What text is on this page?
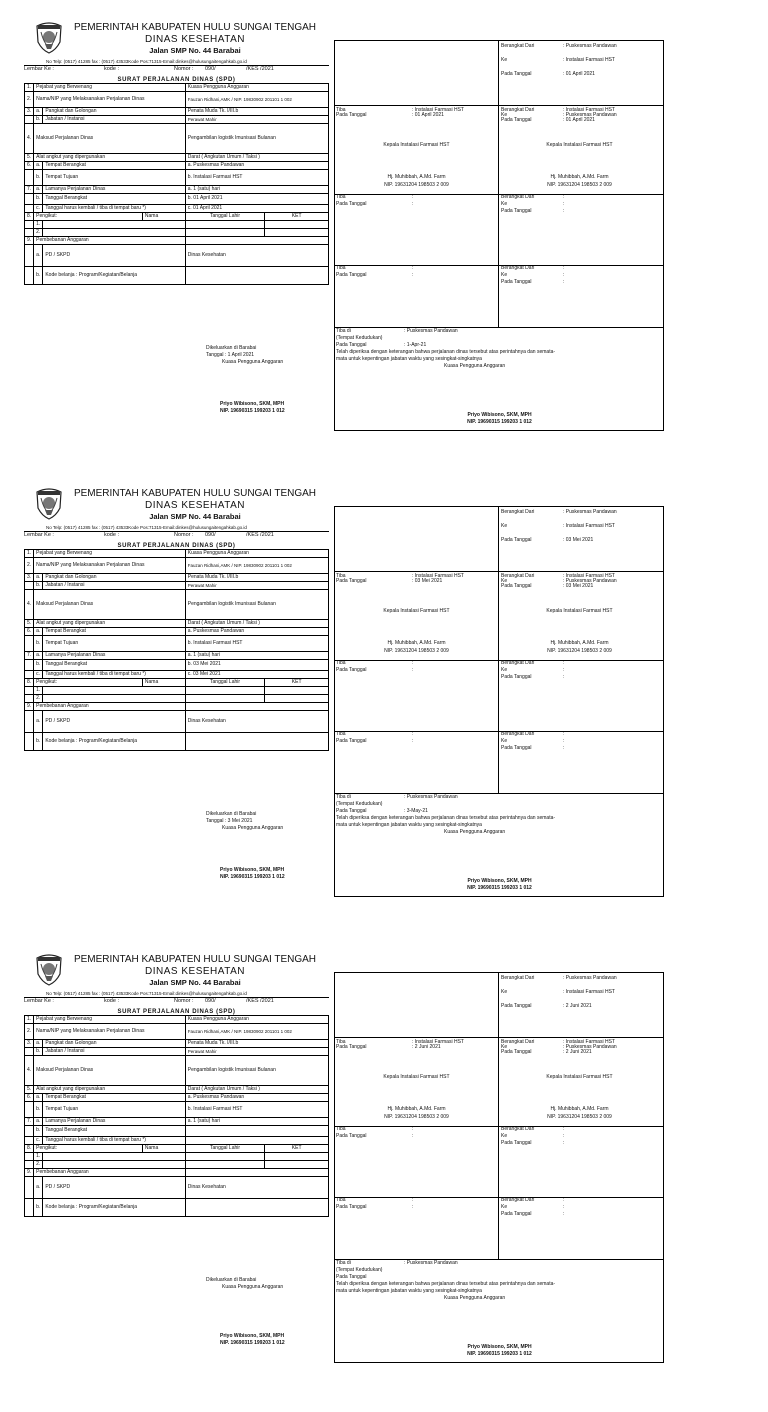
PEMERINTAH KABUPATEN HULU SUNGAI TENGAH
DINAS KESEHATAN
Jalan SMP No. 44 Barabai
No Telp: (0517) 41285 fax : (0517) 43533Kode Pos:71315-Email:dinkes@hulusungaitengahkab.go.id
Lembar Ke :	kode :	Nomor : 090/	/KES /2021
SURAT PERJALANAN DINAS (SPD)
1.	Pejabat yang Berwenang			Kuasa Pengguna Anggaran	
2.	Nama/NIP yang Melaksanakan Perjalanan Dinas			Fauzan Ridhani,AMK / NIP. 19830902 201101 1 002	
3.	a.	Pangkat dan Golongan		Penata Muda Tk. I/III.b	
	b.	Jabatan / Instansi		Perawat Mahir	
4.	Maksud Perjalanan Dinas			Pengambilan logistik Imunisasi Bulanan	
5.	Alat angkut yang dipergunakan			Darat ( Angkutan Umum / Taksi )	
6.	a.	Tempat Berangkat		a. Puskesmas Pandawan	
	b.	Tempat Tujuan		b. Instalasi Farmasi HST	
7.	a.	Lamanya Perjalanan Dinas		a. 1 (satu) hari	
	b.	Tanggal Berangkat		b. 01 April 2021	
	c.	Tanggal harus kembali / tiba di tempat baru *)		c. 01 April 2021	
8.	Pengikut:		Nama	Tanggal Lahir	KET
	1.				
	2.				
9.	Pembebanan Anggaran				
	a.	PD / SKPD		Dinas Kesehatan	
	b.	Kode belanja : Program/Kegiatan/Belanja			
Dikeluarkan di Barabai
Tanggal : 1 April 2021
Kuasa Pengguna Anggaran
Priyo Wibisono, SKM, MPH
NIP. 19690315 199203 1 012
Berangkat Dari	: Puskesmas Pandawan
Ke	: Instalasi Farmasi HST
Pada Tanggal	: 01 April 2021
Tiba	: Instalasi Farmasi HST
Pada Tanggal	: 01 April 2021
Berangkat Dari	: Instalasi Farmasi HST
Ke	: Puskesmas Pandawan
Pada Tanggal	: 01 April 2021
Kepala Instalasi Farmasi HST	Kepala Instalasi Farmasi HST
Hj. Muhibbah, A.Md. Farm
NIP. 19631204 198503 2 009
Hj. Muhibbah, A.Md. Farm
NIP. 19631204 198503 2 009
Tiba	:
Pada Tanggal	:
Berangkat Dari	:
Ke	:
Pada Tanggal	:
Tiba	:
Pada Tanggal	:
Berangkat Dari	:
Ke	:
Pada Tanggal	:
Tiba di	: Puskesmas Pandawan
(Tempat Kedudukan)
Pada Tanggal	: 1-Apr-21
Telah diperiksa dengan keterangan bahwa perjalanan dinas tersebut atas perintahnya dan semata-
mata untuk kepentingan jabatan waktu yang sesingkat-singkatnya
Kuasa Pengguna Anggaran
Priyo Wibisono, SKM, MPH
NIP. 19690315 199203 1 012
PEMERINTAH KABUPATEN HULU SUNGAI TENGAH
DINAS KESEHATAN
Jalan SMP No. 44 Barabai
No Telp: (0517) 41285 fax : (0517) 43533Kode Pos:71315-Email:dinkes@hulusungaitengahkab.go.id
Lembar Ke :	kode :	Nomor : 090/	/KES /2021
SURAT PERJALANAN DINAS (SPD)
1.	Pejabat yang Berwenang			Kuasa Pengguna Anggaran	
2.	Nama/NIP yang Melaksanakan Perjalanan Dinas			Fauzan Ridhani,AMK / NIP. 19830902 201101 1 002	
3.	a.	Pangkat dan Golongan		Penata Muda Tk. I/III.b	
	b.	Jabatan / Instansi		Perawat Mahir	
4.	Maksud Perjalanan Dinas			Pengambilan logistik Imunisasi Bulanan	
5.	Alat angkut yang dipergunakan			Darat ( Angkutan Umum / Taksi )	
6.	a.	Tempat Berangkat		a. Puskesmas Pandawan	
	b.	Tempat Tujuan		b. Instalasi Farmasi HST	
7.	a.	Lamanya Perjalanan Dinas		a. 1 (satu) hari	
	b.	Tanggal Berangkat		b. 03 Mei 2021	
	c.	Tanggal harus kembali / tiba di tempat baru *)		c. 03 Mei 2021	
8.	Pengikut:		Nama	Tanggal Lahir	KET
	1.				
	2.				
9.	Pembebanan Anggaran				
	a.	PD / SKPD		Dinas Kesehatan	
	b.	Kode belanja : Program/Kegiatan/Belanja			
Dikeluarkan di Barabai
Tanggal : 3 Mei 2021
Kuasa Pengguna Anggaran
Priyo Wibisono, SKM, MPH
NIP. 19690315 199203 1 012
Berangkat Dari	: Puskesmas Pandawan
Ke	: Instalasi Farmasi HST
Pada Tanggal	: 03 Mei 2021
Tiba	: Instalasi Farmasi HST
Pada Tanggal	: 03 Mei 2021
Berangkat Dari	: Instalasi Farmasi HST
Ke	: Puskesmas Pandawan
Pada Tanggal	: 03 Mei 2021
Kepala Instalasi Farmasi HST	Kepala Instalasi Farmasi HST
Hj. Muhibbah, A.Md. Farm
NIP. 19631204 198503 2 009
Hj. Muhibbah, A.Md. Farm
NIP. 19631204 198503 2 009
Tiba	:
Pada Tanggal	:
Berangkat Dari	:
Ke	:
Pada Tanggal	:
Tiba	:
Pada Tanggal	:
Berangkat Dari	:
Ke	:
Pada Tanggal	:
Tiba di	: Puskesmas Pandawan
(Tempat Kedudukan)
Pada Tanggal	: 3-May-21
Telah diperiksa dengan keterangan bahwa perjalanan dinas tersebut atas perintahnya dan semata-
mata untuk kepentingan jabatan waktu yang sesingkat-singkatnya
Kuasa Pengguna Anggaran
Priyo Wibisono, SKM, MPH
NIP. 19690315 199203 1 012
PEMERINTAH KABUPATEN HULU SUNGAI TENGAH
DINAS KESEHATAN
Jalan SMP No. 44 Barabai
No Telp: (0517) 41285 fax : (0517) 43533Kode Pos:71315-Email:dinkes@hulusungaitengahkab.go.id
Lembar Ke :	kode :	Nomor : 090/	/KES /2021
SURAT PERJALANAN DINAS (SPD)
1.	Pejabat yang Berwenang			Kuasa Pengguna Anggaran	
2.	Nama/NIP yang Melaksanakan Perjalanan Dinas			Fauzan Ridhani,AMK / NIP. 19830902 201101 1 002	
3.	a.	Pangkat dan Golongan		Penata Muda Tk. I/III.b	
	b.	Jabatan / Instansi		Perawat Mahir	
4.	Maksud Perjalanan Dinas			Pengambilan logistik Imunisasi Bulanan	
5.	Alat angkut yang dipergunakan			Darat ( Angkutan Umum / Taksi )	
6.	a.	Tempat Berangkat		a. Puskesmas Pandawan	
	b.	Tempat Tujuan		b. Instalasi Farmasi HST	
7.	a.	Lamanya Perjalanan Dinas		a. 1 (satu) hari	
	b.	Tanggal Berangkat			
	c.	Tanggal harus kembali / tiba di tempat baru *)			
8.	Pengikut:		Nama	Tanggal Lahir	KET
	1.				
	2.				
9.	Pembebanan Anggaran				
	a.	PD / SKPD		Dinas Kesehatan	
	b.	Kode belanja : Program/Kegiatan/Belanja			
Dikeluarkan di Barabai
Kuasa Pengguna Anggaran
Priyo Wibisono, SKM, MPH
NIP. 19690315 199203 1 012
Berangkat Dari	: Puskesmas Pandawan
Ke	: Instalasi Farmasi HST
Pada Tanggal	: 2 Juni 2021
Tiba	: Instalasi Farmasi HST
Pada Tanggal	: 2 Juni 2021
Berangkat Dari	: Instalasi Farmasi HST
Ke	: Puskesmas Pandawan
Pada Tanggal	: 2 Juni 2021
Kepala Instalasi Farmasi HST	Kepala Instalasi Farmasi HST
Hj. Muhibbah, A.Md. Farm
NIP. 19631204 198503 2 009
Hj. Muhibbah, A.Md. Farm
NIP. 19631204 198503 2 009
Tiba	:
Pada Tanggal	:
Berangkat Dari	:
Ke	:
Pada Tanggal	:
Tiba	:
Pada Tanggal	:
Berangkat Dari	:
Ke	:
Pada Tanggal	:
Tiba di	: Puskesmas Pandawan
(Tempat Kedudukan)
Pada Tanggal
Telah diperiksa dengan keterangan bahwa perjalanan dinas tersebut atas perintahnya dan semata-
mata untuk kepentingan jabatan waktu yang sesingkat-singkatnya
Kuasa Pengguna Anggaran
Priyo Wibisono, SKM, MPH
NIP. 19690315 199203 1 012
